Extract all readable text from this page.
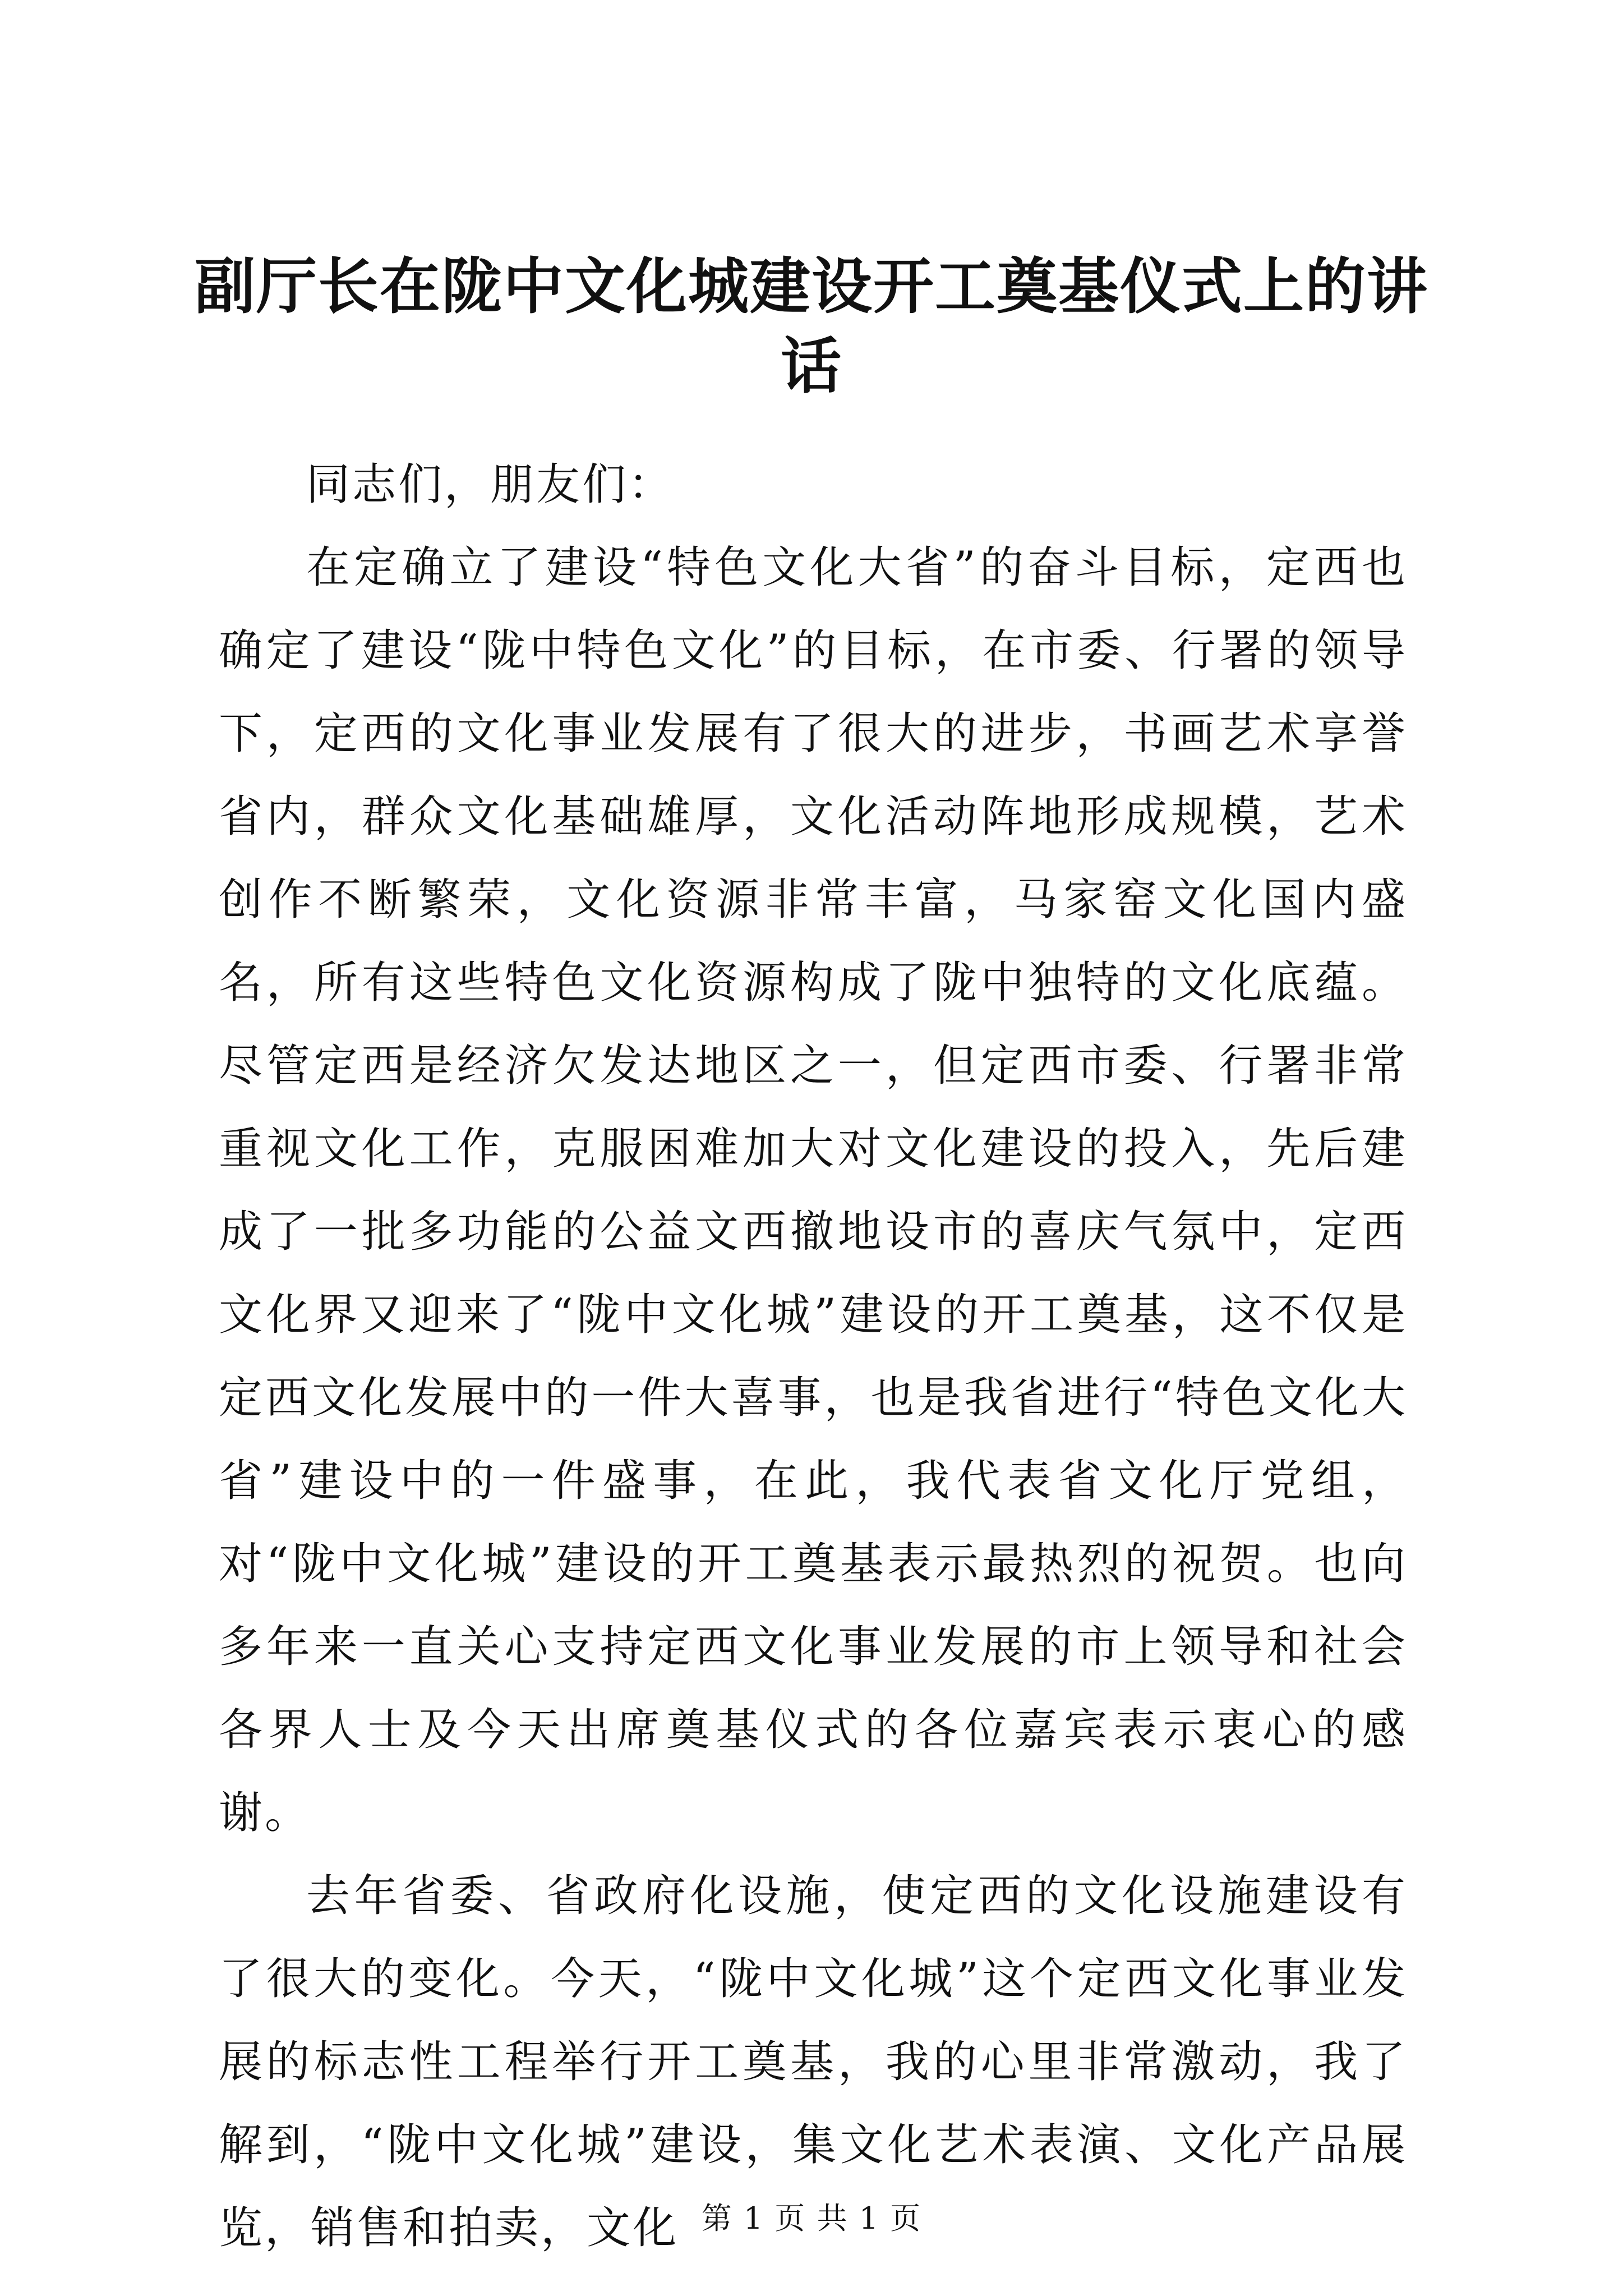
副厅长在陇中文化城建设开工奠基仪式上的讲话

同志们，朋友们：

在定确立了建设“特色文化大省”的奋斗目标，定西也确定了建设“陇中特色文化”的目标，在市委、行署的领导下，定西的文化事业发展有了很大的进步，书画艺术享誉省内，群众文化基础雄厚，文化活动阵地形成规模，艺术创作不断繁荣，文化资源非常丰富，马家窑文化国内盛名，所有这些特色文化资源构成了陇中独特的文化底蕴。尽管定西是经济欠发达地区之一，但定西市委、行署非常重视文化工作，克服困难加大对文化建设的投入，先后建成了一批多功能的公益文西撤地设市的喜庆气氛中，定西文化界又迎来了“陇中文化城”建设的开工奠基，这不仅是定西文化发展中的一件大喜事，也是我省进行“特色文化大省”建设中的一件盛事，在此，我代表省文化厅党组，对“陇中文化城”建设的开工奠基表示最热烈的祝贺。也向多年来一直关心支持定西文化事业发展的市上领导和社会各界人士及今天出席奠基仪式的各位嘉宾表示衷心的感谢。

去年省委、省政府化设施，使定西的文化设施建设有了很大的变化。今天，“陇中文化城”这个定西文化事业发展的标志性工程举行开工奠基，我的心里非常激动，我了解到，“陇中文化城”建设，集文化艺术表演、文化产品展览，销售和拍卖，文化 第 1 页 共 1 页
